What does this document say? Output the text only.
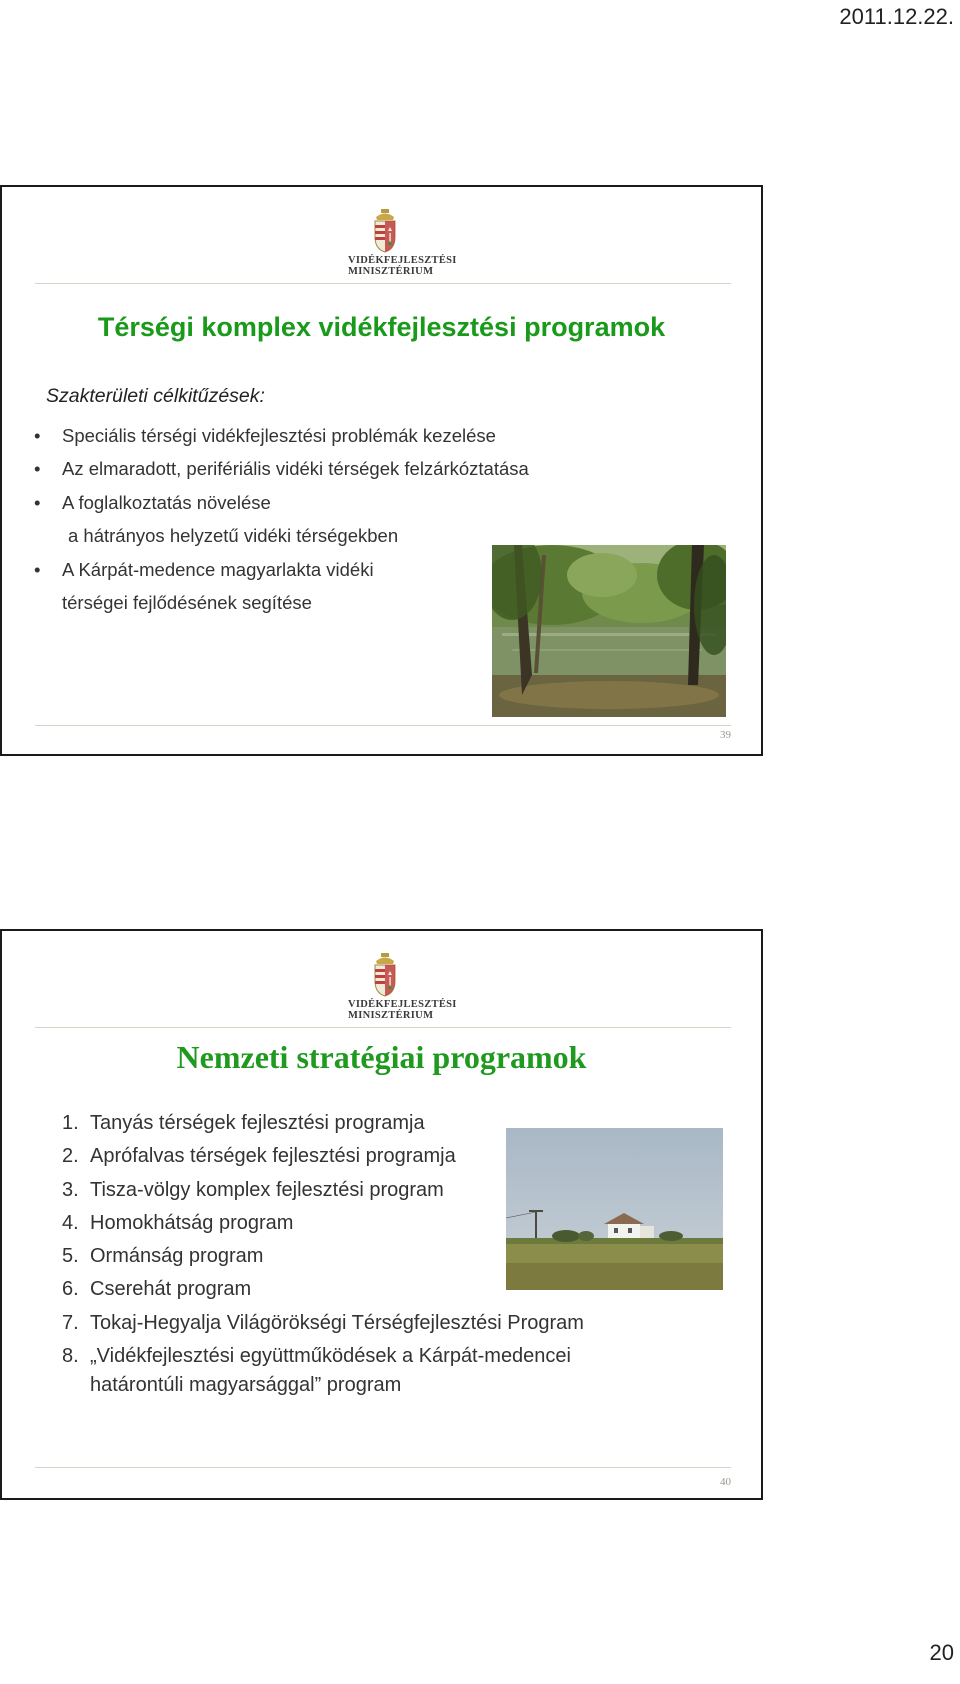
2011.12.22.
VIDÉKFEJLESZTÉSI
MINISZTÉRIUM
Térségi komplex vidékfejlesztési programok
Szakterületi célkitűzések:
• Speciális térségi vidékfejlesztési problémák kezelése
• Az elmaradott, perifériális vidéki térségek felzárkóztatása
• A foglalkoztatás növelése
a hátrányos helyzetű vidéki térségekben
• A Kárpát-medence magyarlakta vidéki
térségei fejlődésének segítése
39
VIDÉKFEJLESZTÉSI
MINISZTÉRIUM
Nemzeti stratégiai programok
1. Tanyás térségek fejlesztési programja
2. Aprófalvas térségek fejlesztési programja
3. Tisza-völgy komplex fejlesztési program
4. Homokhátság program
5. Ormánság program
6. Cserehát program
7. Tokaj-Hegyalja Világörökségi Térségfejlesztési Program
8. „Vidékfejlesztési együttműködések a Kárpát-medencei
határontúli magyarsággal” program
40
20
